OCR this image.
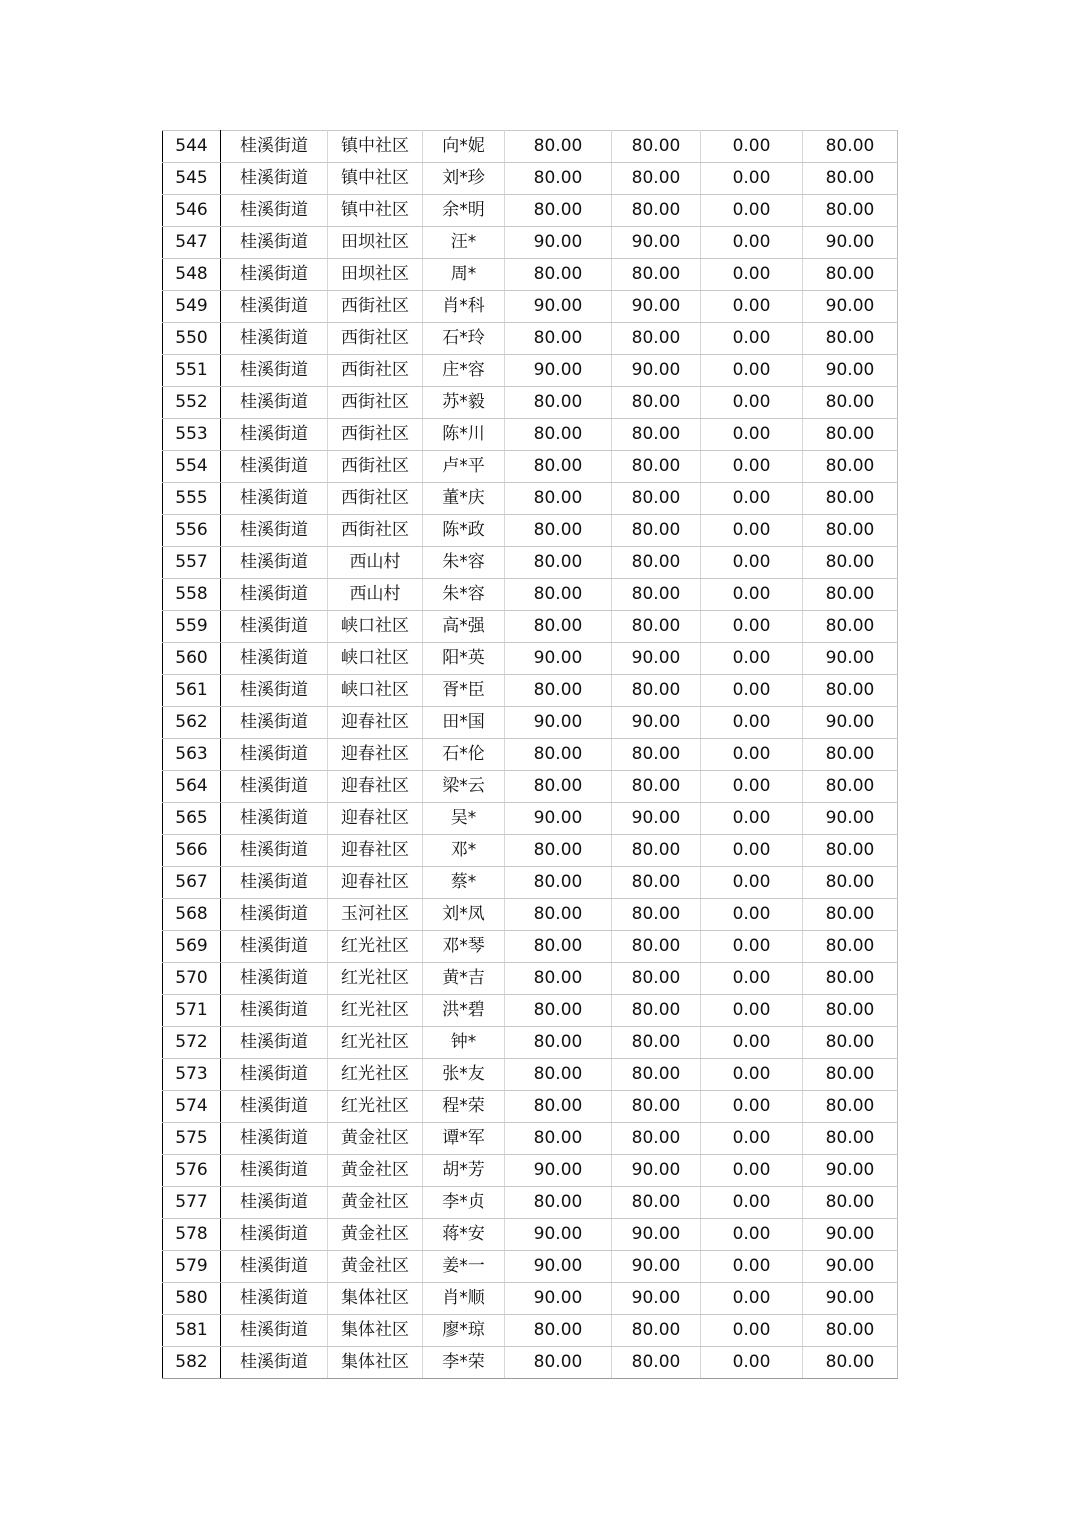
544	桂溪街道	镇中社区	向*妮	80.00	80.00	0.00	80.00
545	桂溪街道	镇中社区	刘*珍	80.00	80.00	0.00	80.00
546	桂溪街道	镇中社区	余*明	80.00	80.00	0.00	80.00
547	桂溪街道	田坝社区	汪*	90.00	90.00	0.00	90.00
548	桂溪街道	田坝社区	周*	80.00	80.00	0.00	80.00
549	桂溪街道	西街社区	肖*科	90.00	90.00	0.00	90.00
550	桂溪街道	西街社区	石*玲	80.00	80.00	0.00	80.00
551	桂溪街道	西街社区	庄*容	90.00	90.00	0.00	90.00
552	桂溪街道	西街社区	苏*毅	80.00	80.00	0.00	80.00
553	桂溪街道	西街社区	陈*川	80.00	80.00	0.00	80.00
554	桂溪街道	西街社区	卢*平	80.00	80.00	0.00	80.00
555	桂溪街道	西街社区	董*庆	80.00	80.00	0.00	80.00
556	桂溪街道	西街社区	陈*政	80.00	80.00	0.00	80.00
557	桂溪街道	西山村	朱*容	80.00	80.00	0.00	80.00
558	桂溪街道	西山村	朱*容	80.00	80.00	0.00	80.00
559	桂溪街道	峡口社区	高*强	80.00	80.00	0.00	80.00
560	桂溪街道	峡口社区	阳*英	90.00	90.00	0.00	90.00
561	桂溪街道	峡口社区	胥*臣	80.00	80.00	0.00	80.00
562	桂溪街道	迎春社区	田*国	90.00	90.00	0.00	90.00
563	桂溪街道	迎春社区	石*伦	80.00	80.00	0.00	80.00
564	桂溪街道	迎春社区	梁*云	80.00	80.00	0.00	80.00
565	桂溪街道	迎春社区	吴*	90.00	90.00	0.00	90.00
566	桂溪街道	迎春社区	邓*	80.00	80.00	0.00	80.00
567	桂溪街道	迎春社区	蔡*	80.00	80.00	0.00	80.00
568	桂溪街道	玉河社区	刘*凤	80.00	80.00	0.00	80.00
569	桂溪街道	红光社区	邓*琴	80.00	80.00	0.00	80.00
570	桂溪街道	红光社区	黄*吉	80.00	80.00	0.00	80.00
571	桂溪街道	红光社区	洪*碧	80.00	80.00	0.00	80.00
572	桂溪街道	红光社区	钟*	80.00	80.00	0.00	80.00
573	桂溪街道	红光社区	张*友	80.00	80.00	0.00	80.00
574	桂溪街道	红光社区	程*荣	80.00	80.00	0.00	80.00
575	桂溪街道	黄金社区	谭*军	80.00	80.00	0.00	80.00
576	桂溪街道	黄金社区	胡*芳	90.00	90.00	0.00	90.00
577	桂溪街道	黄金社区	李*贞	80.00	80.00	0.00	80.00
578	桂溪街道	黄金社区	蒋*安	90.00	90.00	0.00	90.00
579	桂溪街道	黄金社区	姜*一	90.00	90.00	0.00	90.00
580	桂溪街道	集体社区	肖*顺	90.00	90.00	0.00	90.00
581	桂溪街道	集体社区	廖*琼	80.00	80.00	0.00	80.00
582	桂溪街道	集体社区	李*荣	80.00	80.00	0.00	80.00
